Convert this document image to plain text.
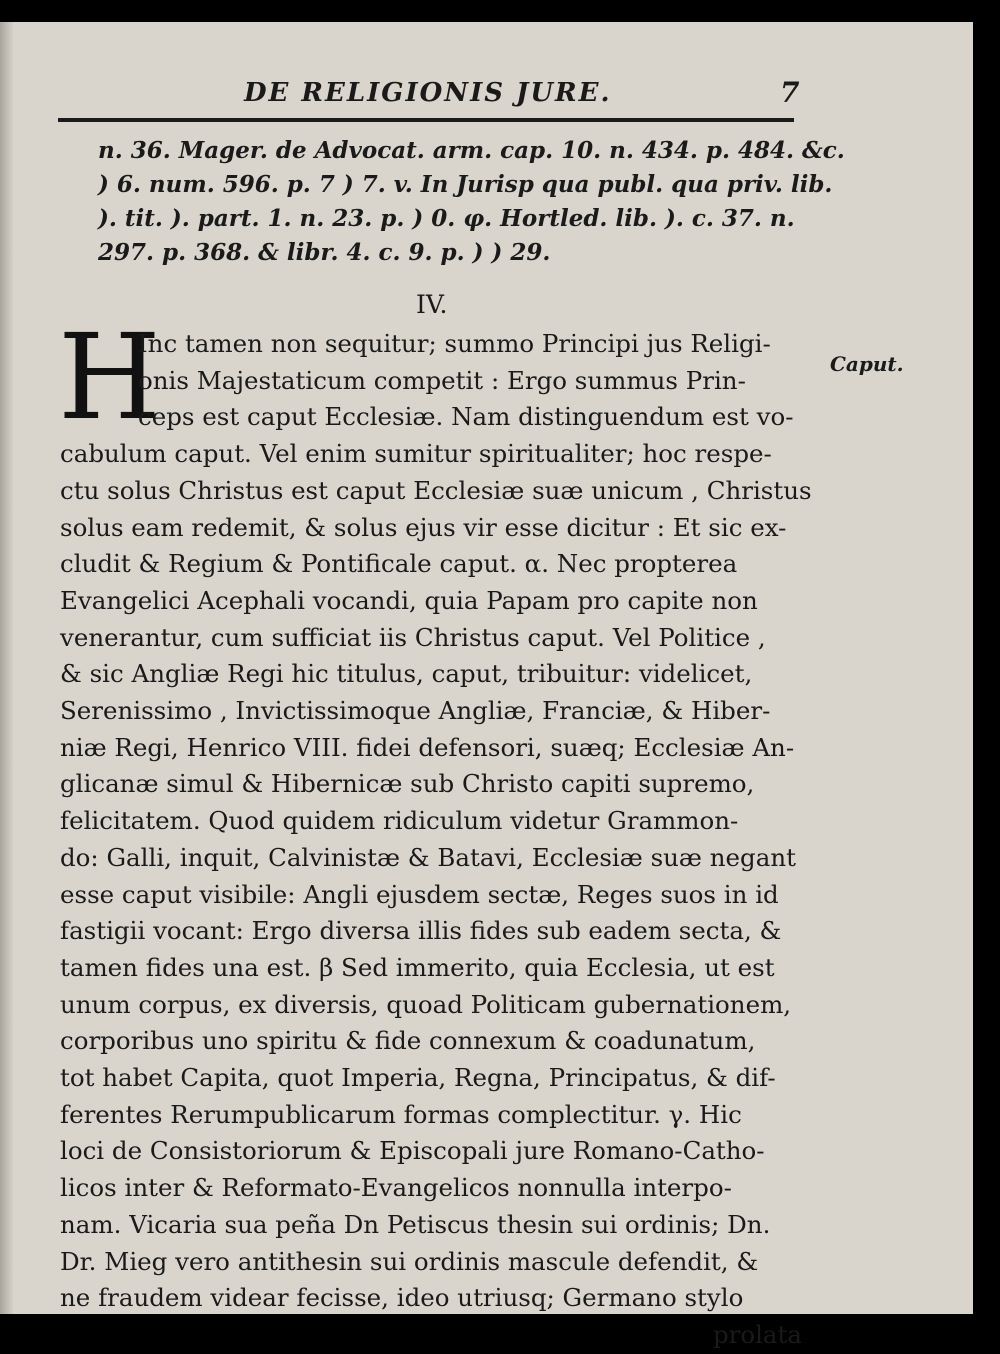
DE RELIGIONIS JURE.	7
n. 36. Mager. de Advocat. arm. cap. 10. n. 434. p. 484. &c.
) 6. num. 596. p. 7 ) 7. v. In Jurisp qua publ. qua priv. lib.
). tit. ). part. 1. n. 23. p. ) 0. φ. Hortled. lib. ). c. 37. n.
297. p. 368. & libr. 4. c. 9. p. ) ) 29.
IV.
H	Caput.
Inc tamen non sequitur; summo Principi jus Religi-
onis Majestaticum competit : Ergo summus Prin-
ceps est caput Ecclesiæ. Nam distinguendum est vo-
cabulum caput. Vel enim sumitur spiritualiter; hoc respe-
ctu solus Christus est caput Ecclesiæ suæ unicum , Christus
solus eam redemit, & solus ejus vir esse dicitur : Et sic ex-
cludit & Regium & Pontificale caput. α. Nec propterea
Evangelici Acephali vocandi, quia Papam pro capite non
venerantur, cum sufficiat iis Christus caput. Vel Politice ,
& sic Angliæ Regi hic titulus, caput, tribuitur: videlicet,
Serenissimo , Invictissimoque Angliæ, Franciæ, & Hiber-
niæ Regi, Henrico VIII. fidei defensori, suæq; Ecclesiæ An-
glicanæ simul & Hibernicæ sub Christo capiti supremo,
felicitatem. Quod quidem ridiculum videtur Grammon-
do: Galli, inquit, Calvinistæ & Batavi, Ecclesiæ suæ negant
esse caput visibile: Angli ejusdem sectæ, Reges suos in id
fastigii vocant: Ergo diversa illis fides sub eadem secta, &
tamen fides una est. β Sed immerito, quia Ecclesia, ut est
unum corpus, ex diversis, quoad Politicam gubernationem,
corporibus uno spiritu & fide connexum & coadunatum,
tot habet Capita, quot Imperia, Regna, Principatus, & dif-
ferentes Rerumpublicarum formas complectitur. γ. Hic
loci de Consistoriorum & Episcopali jure Romano-Catho-
licos inter & Reformato-Evangelicos nonnulla interpo-
nam. Vicaria sua peña Dn Petiscus thesin sui ordinis; Dn.
Dr. Mieg vero antithesin sui ordinis mascule defendit, &
ne fraudem videar fecisse, ideo utriusq; Germano stylo
prolata
